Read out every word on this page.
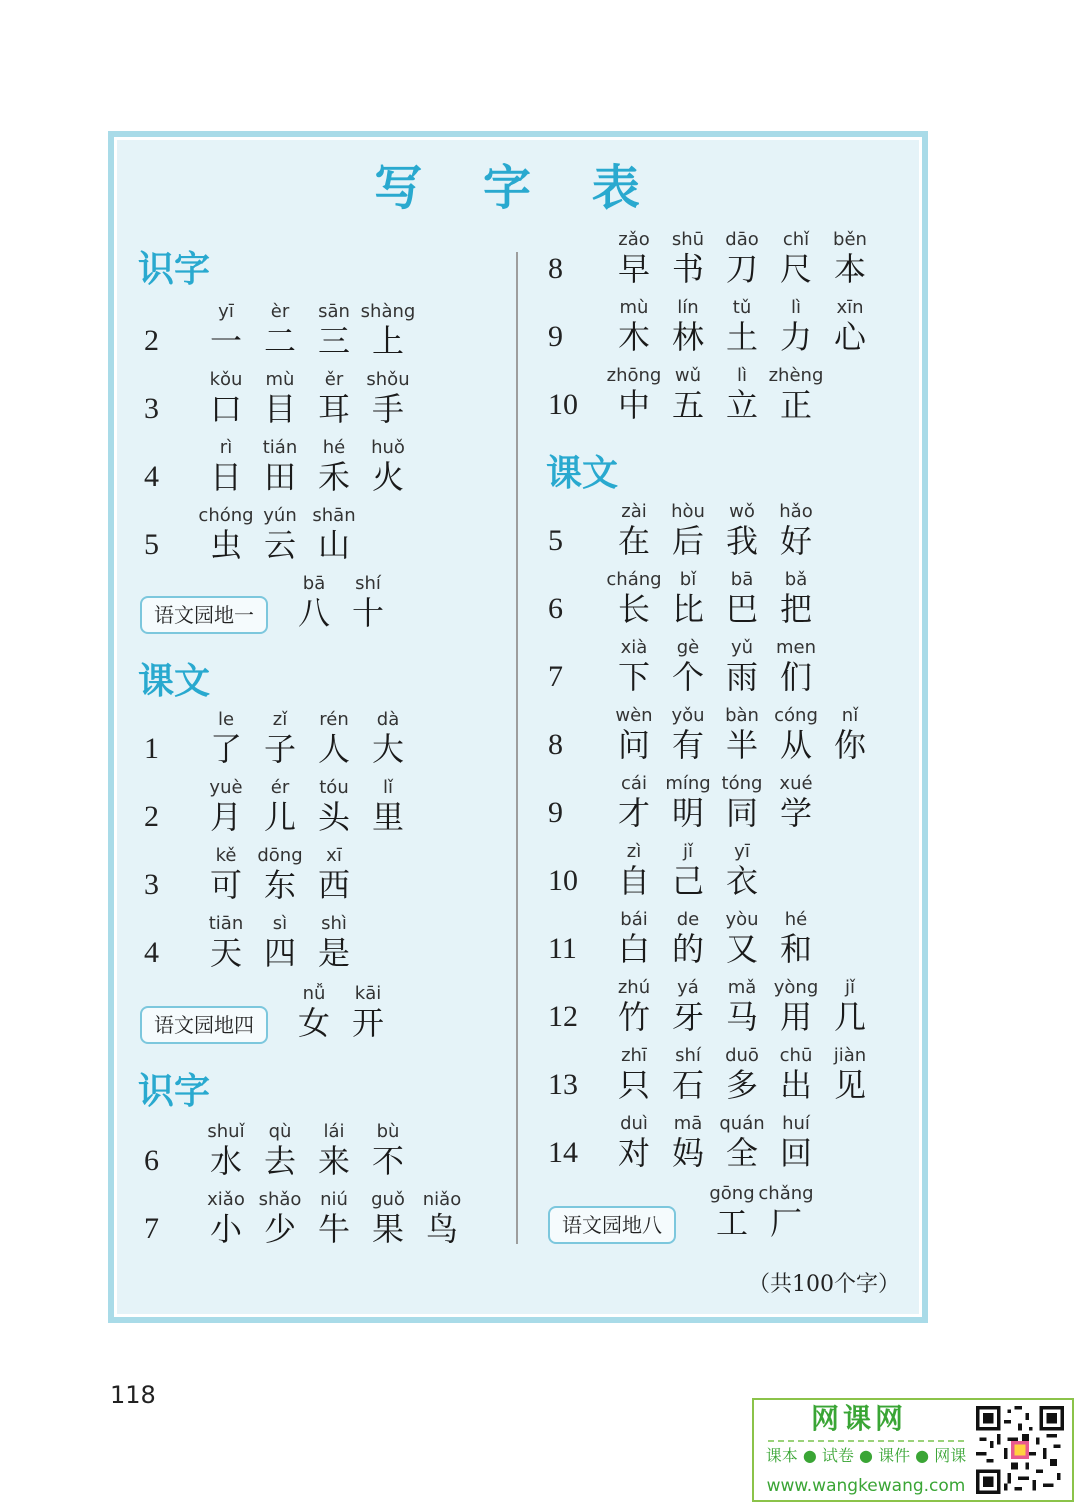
写 字 表
识字
2
yī
一
èr
二
sān
三
shàng
上
3
kǒu
口
mù
目
ěr
耳
shǒu
手
4
rì
日
tián
田
hé
禾
huǒ
火
5
chóng
虫
yún
云
shān
山
语文园地一
bā
八
shí
十
课文
1
le
了
zǐ
子
rén
人
dà
大
2
yuè
月
ér
儿
tóu
头
lǐ
里
3
kě
可
dōng
东
xī
西
4
tiān
天
sì
四
shì
是
语文园地四
nǚ
女
kāi
开
识字
6
shuǐ
水
qù
去
lái
来
bù
不
7
xiǎo
小
shǎo
少
niú
牛
guǒ
果
niǎo
鸟
8
zǎo
早
shū
书
dāo
刀
chǐ
尺
běn
本
9
mù
木
lín
林
tǔ
土
lì
力
xīn
心
10
zhōng
中
wǔ
五
lì
立
zhèng
正
课文
5
zài
在
hòu
后
wǒ
我
hǎo
好
6
cháng
长
bǐ
比
bā
巴
bǎ
把
7
xià
下
gè
个
yǔ
雨
men
们
8
wèn
问
yǒu
有
bàn
半
cóng
从
nǐ
你
9
cái
才
míng
明
tóng
同
xué
学
10
zì
自
jǐ
己
yī
衣
11
bái
白
de
的
yòu
又
hé
和
12
zhú
竹
yá
牙
mǎ
马
yòng
用
jǐ
几
13
zhī
只
shí
石
duō
多
chū
出
jiàn
见
14
duì
对
mā
妈
quán
全
huí
回
语文园地八
gōng
工
chǎng
厂
（共100个字）
118
网课网
课本 ● 试卷 ● 课件 ● 网课
www.wangkewang.com
